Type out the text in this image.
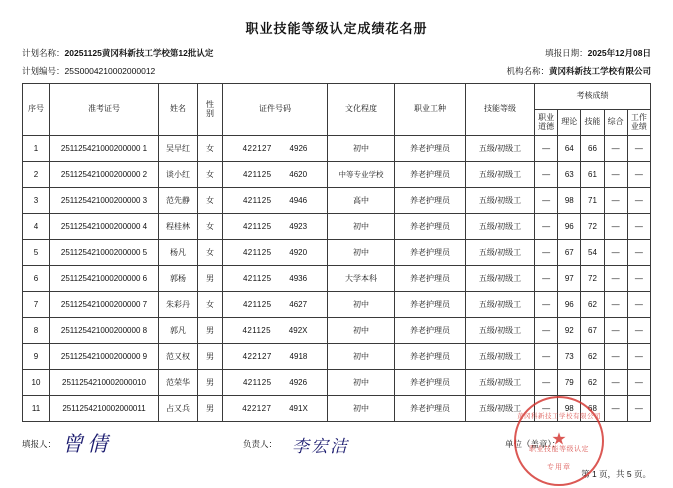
职业技能等级认定成绩花名册
计划名称：20251125黄冈科新技工学校第12批认定	填报日期：2025年12月08日
计划编号：25S0004210002000012	机构名称：黄冈科新技工学校有限公司
序号	准考证号	姓名	性
别	证件号码	文化程度	职业工种	技能等级	考核成绩				
								职业
道德	理论	技能	综合	工作
业绩
1	251125421000200000 1	吴早红	女	422127 4926	初中	养老护理员	五级/初级工	—	64	66	—	—
2	251125421000200000 2	谈小红	女	421125 4620	中等专业学校	养老护理员	五级/初级工	—	63	61	—	—
3	251125421000200000 3	范先静	女	421125 4946	高中	养老护理员	五级/初级工	—	98	71	—	—
4	251125421000200000 4	程桂林	女	421125 4923	初中	养老护理员	五级/初级工	—	96	72	—	—
5	251125421000200000 5	杨凡	女	421125 4920	初中	养老护理员	五级/初级工	—	67	54	—	—
6	251125421000200000 6	郭杨	男	421125 4936	大学本科	养老护理员	五级/初级工	—	97	72	—	—
7	251125421000200000 7	朱彩丹	女	421125 4627	初中	养老护理员	五级/初级工	—	96	62	—	—
8	251125421000200000 8	郭凡	男	421125 492X	初中	养老护理员	五级/初级工	—	92	67	—	—
9	251125421000200000 9	范又权	男	422127 4918	初中	养老护理员	五级/初级工	—	73	62	—	—
10	2511254210002000010	范荣华	男	421125 4926	初中	养老护理员	五级/初级工	—	79	62	—	—
11	2511254210002000011	占又兵	男	422127 491X	初中	养老护理员	五级/初级工	—	98	68	—	—
填报人： 曾倩	负责人： 李宏洁	单位（盖章）：
第 1 页，共 5 页。
黄冈科新技工学校有限公司
★
职业技能等级认定
专用章
